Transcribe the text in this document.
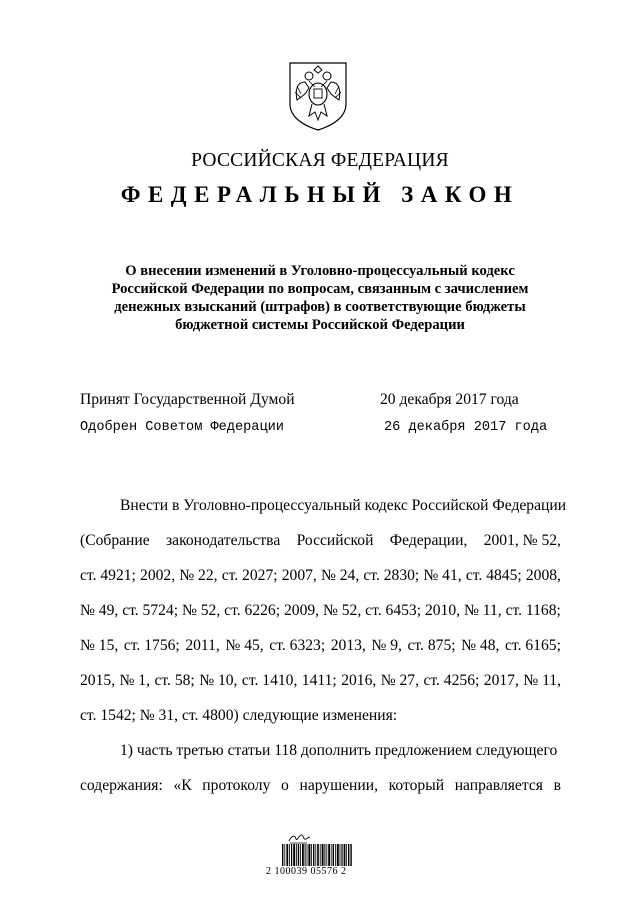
РОССИЙСКАЯ ФЕДЕРАЦИЯ
ФЕДЕРАЛЬНЫЙ ЗАКОН
О внесении изменений в Уголовно-процессуальный кодекс
Российской Федерации по вопросам, связанным с зачислением
денежных взысканий (штрафов) в соответствующие бюджеты
бюджетной системы Российской Федерации
Принят Государственной Думой	20 декабря 2017 года
Одобрен Советом Федерации	26 декабря 2017 года
Внести в Уголовно-процессуальный кодекс Российской Федерации
(Собрание законодательства Российской Федерации, 2001, № 52,
ст. 4921; 2002, № 22, ст. 2027; 2007, № 24, ст. 2830; № 41, ст. 4845; 2008,
№ 49, ст. 5724; № 52, ст. 6226; 2009, № 52, ст. 6453; 2010, № 11, ст. 1168;
№ 15, ст. 1756; 2011, № 45, ст. 6323; 2013, № 9, ст. 875; № 48, ст. 6165;
2015, № 1, ст. 58; № 10, ст. 1410, 1411; 2016, № 27, ст. 4256; 2017, № 11,
ст. 1542; № 31, ст. 4800) следующие изменения:
1) часть третью статьи 118 дополнить предложением следующего
содержания: «К протоколу о нарушении, который направляется в
2 100039 05576 2
